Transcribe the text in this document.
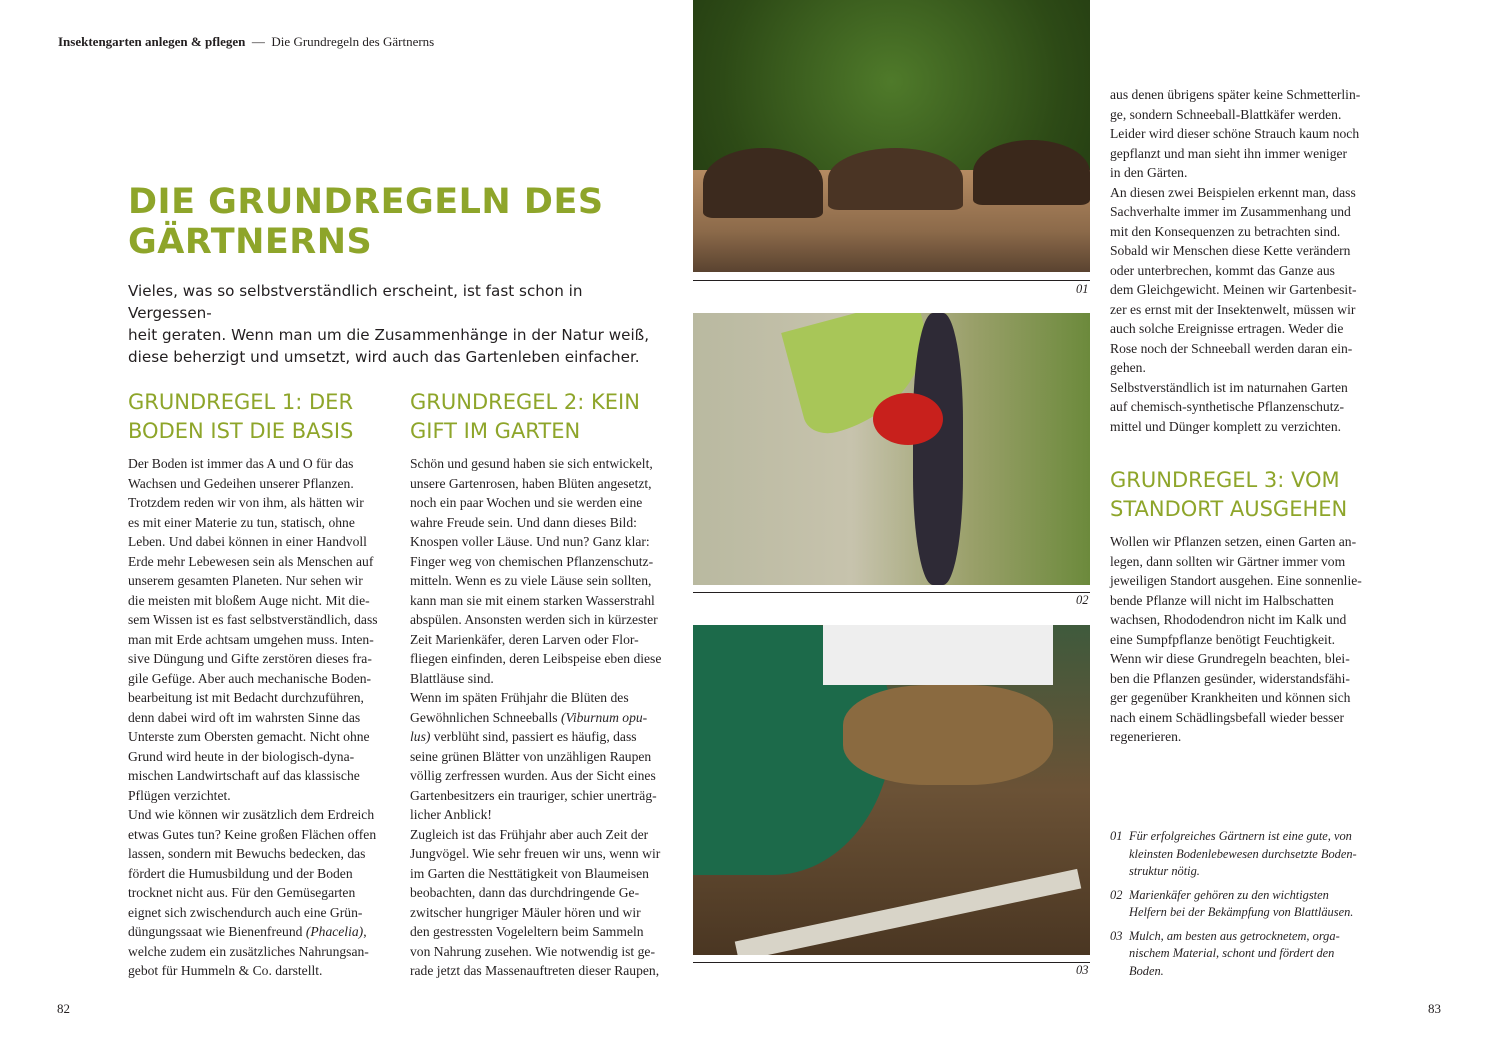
Insektengarten anlegen & pflegen — Die Grundregeln des Gärtnerns
DIE GRUNDREGELN DES
GÄRTNERNS
Vieles, was so selbstverständlich erscheint, ist fast schon in Vergessen-
heit geraten. Wenn man um die Zusammenhänge in der Natur weiß,
diese beherzigt und umsetzt, wird auch das Gartenleben einfacher.
GRUNDREGEL 1: DER
BODEN IST DIE BASIS
Der Boden ist immer das A und O für das
Wachsen und Gedeihen unserer Pflanzen.
Trotzdem reden wir von ihm, als hätten wir
es mit einer Materie zu tun, statisch, ohne
Leben. Und dabei können in einer Handvoll
Erde mehr Lebewesen sein als Menschen auf
unserem gesamten Planeten. Nur sehen wir
die meisten mit bloßem Auge nicht. Mit die-
sem Wissen ist es fast selbstverständlich, dass
man mit Erde achtsam umgehen muss. Inten-
sive Düngung und Gifte zerstören dieses fra-
gile Gefüge. Aber auch mechanische Boden-
bearbeitung ist mit Bedacht durchzuführen,
denn dabei wird oft im wahrsten Sinne das
Unterste zum Obersten gemacht. Nicht ohne
Grund wird heute in der biologisch-dyna-
mischen Landwirtschaft auf das klassische
Pflügen verzichtet.
Und wie können wir zusätzlich dem Erdreich
etwas Gutes tun? Keine großen Flächen offen
lassen, sondern mit Bewuchs bedecken, das
fördert die Humusbildung und der Boden
trocknet nicht aus. Für den Gemüsegarten
eignet sich zwischendurch auch eine Grün-
düngungssaat wie Bienenfreund (Phacelia),
welche zudem ein zusätzliches Nahrungsan-
gebot für Hummeln & Co. darstellt.
GRUNDREGEL 2: KEIN
GIFT IM GARTEN
Schön und gesund haben sie sich entwickelt,
unsere Gartenrosen, haben Blüten angesetzt,
noch ein paar Wochen und sie werden eine
wahre Freude sein. Und dann dieses Bild:
Knospen voller Läuse. Und nun? Ganz klar:
Finger weg von chemischen Pflanzenschutz-
mitteln. Wenn es zu viele Läuse sein sollten,
kann man sie mit einem starken Wasserstrahl
abspülen. Ansonsten werden sich in kürzester
Zeit Marienkäfer, deren Larven oder Flor-
fliegen einfinden, deren Leibspeise eben diese
Blattläuse sind.
Wenn im späten Frühjahr die Blüten des
Gewöhnlichen Schneeballs (Viburnum opu-
lus) verblüht sind, passiert es häufig, dass
seine grünen Blätter von unzähligen Raupen
völlig zerfressen wurden. Aus der Sicht eines
Gartenbesitzers ein trauriger, schier unerträg-
licher Anblick!
Zugleich ist das Frühjahr aber auch Zeit der
Jungvögel. Wie sehr freuen wir uns, wenn wir
im Garten die Nesttätigkeit von Blaumeisen
beobachten, dann das durchdringende Ge-
zwitscher hungriger Mäuler hören und wir
den gestressten Vogeleltern beim Sammeln
von Nahrung zusehen. Wie notwendig ist ge-
rade jetzt das Massenauftreten dieser Raupen,
01
02
03
aus denen übrigens später keine Schmetterlin-
ge, sondern Schneeball-Blattkäfer werden.
Leider wird dieser schöne Strauch kaum noch
gepflanzt und man sieht ihn immer weniger
in den Gärten.
An diesen zwei Beispielen erkennt man, dass
Sachverhalte immer im Zusammenhang und
mit den Konsequenzen zu betrachten sind.
Sobald wir Menschen diese Kette verändern
oder unterbrechen, kommt das Ganze aus
dem Gleichgewicht. Meinen wir Gartenbesit-
zer es ernst mit der Insektenwelt, müssen wir
auch solche Ereignisse ertragen. Weder die
Rose noch der Schneeball werden daran ein-
gehen.
Selbstverständlich ist im naturnahen Garten
auf chemisch-synthetische Pflanzenschutz-
mittel und Dünger komplett zu verzichten.
GRUNDREGEL 3: VOM
STANDORT AUSGEHEN
Wollen wir Pflanzen setzen, einen Garten an-
legen, dann sollten wir Gärtner immer vom
jeweiligen Standort ausgehen. Eine sonnenlie-
bende Pflanze will nicht im Halbschatten
wachsen, Rhododendron nicht im Kalk und
eine Sumpfpflanze benötigt Feuchtigkeit.
Wenn wir diese Grundregeln beachten, blei-
ben die Pflanzen gesünder, widerstandsfähi-
ger gegenüber Krankheiten und können sich
nach einem Schädlingsbefall wieder besser
regenerieren.
01 Für erfolgreiches Gärtnern ist eine gute, von
kleinsten Bodenlebewesen durchsetzte Boden-
struktur nötig.
02 Marienkäfer gehören zu den wichtigsten
Helfern bei der Bekämpfung von Blattläusen.
03 Mulch, am besten aus getrocknetem, orga-
nischem Material, schont und fördert den
Boden.
82	83
